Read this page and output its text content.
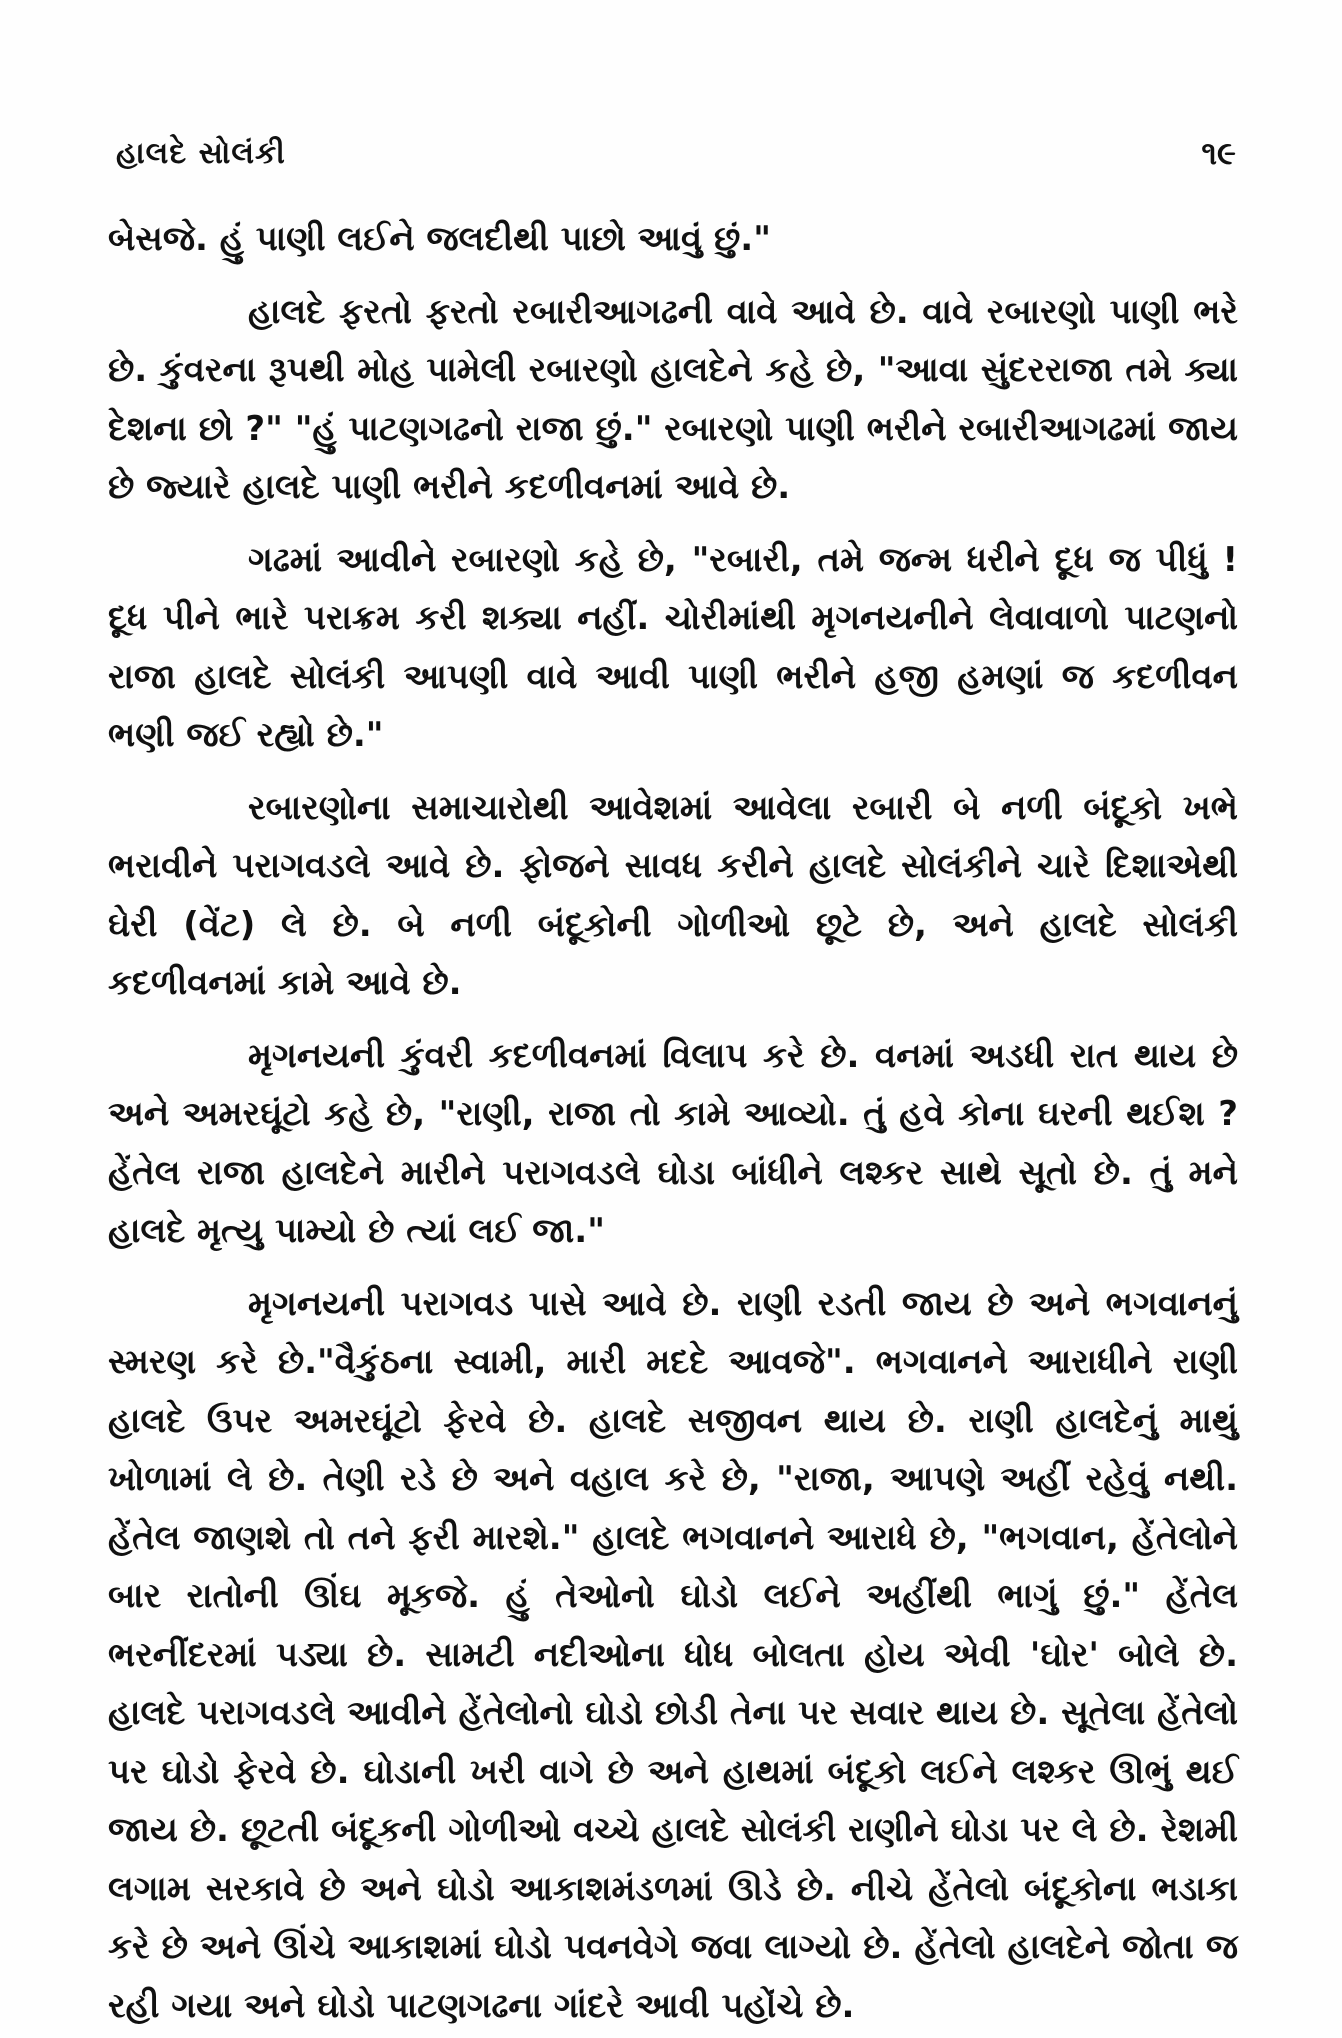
હાલદે સોલંકી	૧૯

બેસજે. હું પાણી લઈને જલદીથી પાછો આવું છું."

હાલદે ફરતો ફરતો રબારીઆગઢની વાવે આવે છે. વાવે રબારણો પાણી ભરે છે. કુંવરના રૂપથી મોહ પામેલી રબારણો હાલદેને કહે છે, "આવા સુંદરરાજા તમે ક્યા દેશના છો ?" "હું પાટણગઢનો રાજા છું." રબારણો પાણી ભરીને રબારીઆગઢમાં જાય છે જ્યારે હાલદે પાણી ભરીને કદળીવનમાં આવે છે.

ગઢમાં આવીને રબારણો કહે છે, "રબારી, તમે જન્મ ધરીને દૂધ જ પીધું ! દૂધ પીને ભારે પરાક્રમ કરી શક્યા નહીં. ચોરીમાંથી મૃગનયનીને લેવાવાળો પાટણનો રાજા હાલદે સોલંકી આપણી વાવે આવી પાણી ભરીને હજી હમણાં જ કદળીવન ભણી જઈ રહ્યો છે."

રબારણોના સમાચારોથી આવેશમાં આવેલા રબારી બે નળી બંદૂકો ખભે ભરાવીને પરાગવડલે આવે છે. ફોજને સાવધ કરીને હાલદે સોલંકીને ચારે દિશાએથી ઘેરી (વેંટ) લે છે. બે નળી બંદૂકોની ગોળીઓ છૂટે છે, અને હાલદે સોલંકી કદળીવનમાં કામે આવે છે.

મૃગનયની કુંવરી કદળીવનમાં વિલાપ કરે છે. વનમાં અડધી રાત થાય છે અને અમરઘૂંટો કહે છે, "રાણી, રાજા તો કામે આવ્યો. તું હવે કોના ઘરની થઈશ ? હેંતેલ રાજા હાલદેને મારીને પરાગવડલે ઘોડા બાંધીને લશ્કર સાથે સૂતો છે. તું મને હાલદે મૃત્યુ પામ્યો છે ત્યાં લઈ જા."

મૃગનયની પરાગવડ પાસે આવે છે. રાણી રડતી જાય છે અને ભગવાનનું સ્મરણ કરે છે."વૈકુંઠના સ્વામી, મારી મદદે આવજે". ભગવાનને આરાધીને રાણી હાલદે ઉપર અમરઘૂંટો ફેરવે છે. હાલદે સજીવન થાય છે. રાણી હાલદેનું માથું ખોળામાં લે છે. તેણી રડે છે અને વહાલ કરે છે, "રાજા, આપણે અહીં રહેવું નથી. હેંતેલ જાણશે તો તને ફરી મારશે." હાલદે ભગવાનને આરાધે છે, "ભગવાન, હેંતેલોને બાર રાતોની ઊંઘ મૂકજે. હું તેઓનો ઘોડો લઈને અહીંથી ભાગું છું." હેંતેલ ભરનીંદરમાં પડ્યા છે. સામટી નદીઓના ધોધ બોલતા હોય એવી 'ઘોર' બોલે છે. હાલદે પરાગવડલે આવીને હેંતેલોનો ઘોડો છોડી તેના પર સવાર થાય છે. સૂતેલા હેંતેલો પર ઘોડો ફેરવે છે. ઘોડાની ખરી વાગે છે અને હાથમાં બંદૂકો લઈને લશ્કર ઊભું થઈ જાય છે. છૂટતી બંદૂકની ગોળીઓ વચ્ચે હાલદે સોલંકી રાણીને ઘોડા પર લે છે. રેશમી લગામ સરકાવે છે અને ઘોડો આકાશમંડળમાં ઊડે છે. નીચે હેંતેલો બંદૂકોના ભડાકા કરે છે અને ઊંચે આકાશમાં ઘોડો પવનવેગે જવા લાગ્યો છે. હેંતેલો હાલદેને જોતા જ રહી ગયા અને ઘોડો પાટણગઢના ગાંદરે આવી પહોંચે છે.
